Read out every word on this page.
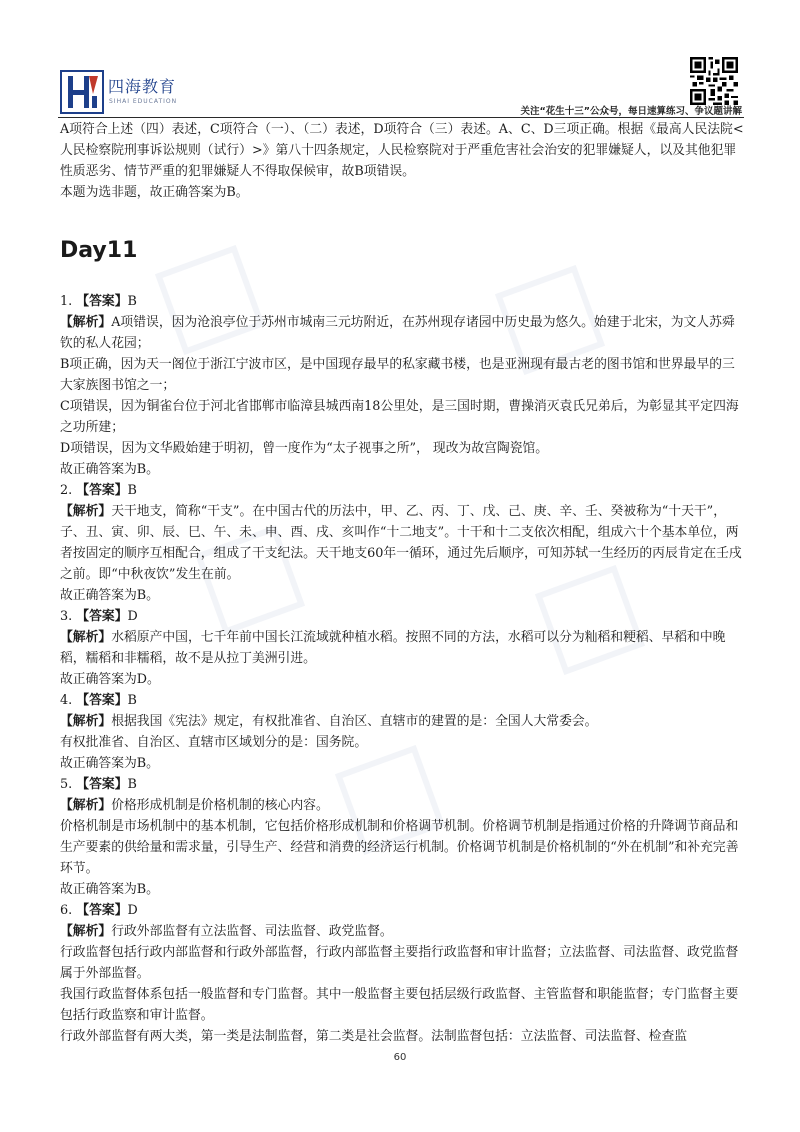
四海教育
SIHAI EDUCATION
关注“花生十三”公众号，每日速算练习、争议题讲解

A项符合上述（四）表述，C项符合（一）、（二）表述，D项符合（三）表述。A、C、D三项正确。根据《最高人民法院<人民检察院刑事诉讼规则（试行）>》第八十四条规定，人民检察院对于严重危害社会治安的犯罪嫌疑人，以及其他犯罪性质恶劣、情节严重的犯罪嫌疑人不得取保候审，故B项错误。

本题为选非题，故正确答案为B。

Day11

1. 【答案】B

【解析】A项错误，因为沧浪亭位于苏州市城南三元坊附近，在苏州现存诸园中历史最为悠久。始建于北宋，为文人苏舜钦的私人花园；

B项正确，因为天一阁位于浙江宁波市区，是中国现存最早的私家藏书楼，也是亚洲现有最古老的图书馆和世界最早的三大家族图书馆之一；

C项错误，因为铜雀台位于河北省邯郸市临漳县城西南18公里处，是三国时期，曹操消灭袁氏兄弟后，为彰显其平定四海之功所建；

D项错误，因为文华殿始建于明初，曾一度作为“太子视事之所”， 现改为故宫陶瓷馆。

故正确答案为B。

2. 【答案】B

【解析】天干地支，简称“干支”。在中国古代的历法中，甲、乙、丙、丁、戊、己、庚、辛、壬、癸被称为“十天干”，子、丑、寅、卯、辰、巳、午、未、申、酉、戌、亥叫作“十二地支”。十干和十二支依次相配，组成六十个基本单位，两者按固定的顺序互相配合，组成了干支纪法。天干地支60年一循环，通过先后顺序，可知苏轼一生经历的丙辰肯定在壬戌之前。即“中秋夜饮”发生在前。

故正确答案为B。

3. 【答案】D

【解析】水稻原产中国，七千年前中国长江流域就种植水稻。按照不同的方法，水稻可以分为籼稻和粳稻、早稻和中晚稻，糯稻和非糯稻，故不是从拉丁美洲引进。

故正确答案为D。

4. 【答案】B

【解析】根据我国《宪法》规定，有权批准省、自治区、直辖市的建置的是：全国人大常委会。

有权批准省、自治区、直辖市区域划分的是：国务院。

故正确答案为B。

5. 【答案】B

【解析】价格形成机制是价格机制的核心内容。

价格机制是市场机制中的基本机制，它包括价格形成机制和价格调节机制。价格调节机制是指通过价格的升降调节商品和生产要素的供给量和需求量，引导生产、经营和消费的经济运行机制。价格调节机制是价格机制的“外在机制”和补充完善环节。

故正确答案为B。

6. 【答案】D

【解析】行政外部监督有立法监督、司法监督、政党监督。

行政监督包括行政内部监督和行政外部监督，行政内部监督主要指行政监督和审计监督；立法监督、司法监督、政党监督属于外部监督。

我国行政监督体系包括一般监督和专门监督。其中一般监督主要包括层级行政监督、主管监督和职能监督；专门监督主要包括行政监察和审计监督。

行政外部监督有两大类，第一类是法制监督，第二类是社会监督。法制监督包括：立法监督、司法监督、检查监

60
